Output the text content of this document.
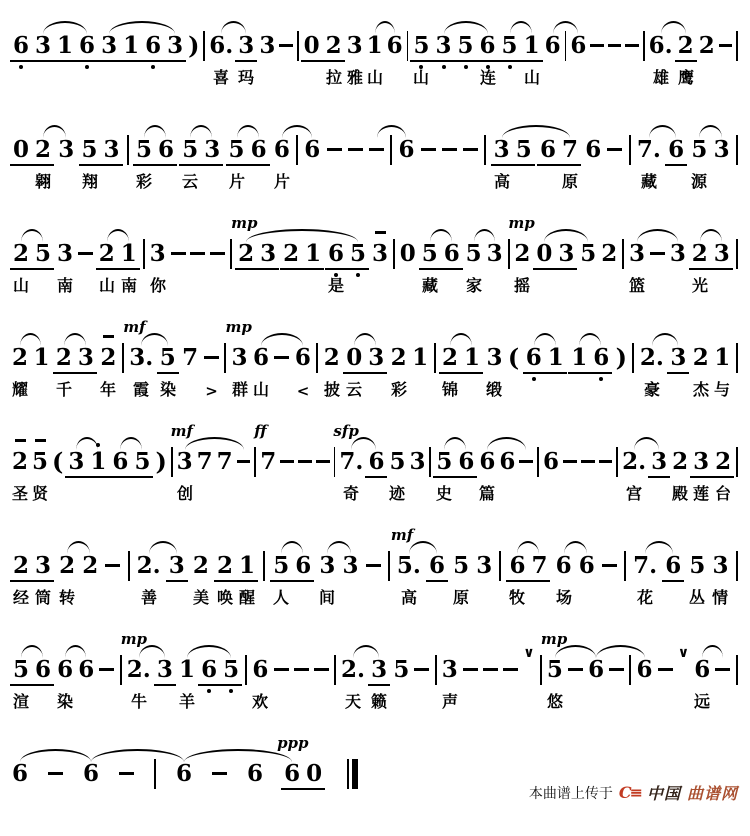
6 3 1 6 3 1 6 3 ) 6. 3 3 0 2 3 1 6 5 3 5 6 5 1 6 6	6. 2 2
喜 玛	拉 雅 山 山	连 山	雄 鹰
0 2 3 5 3 5 6 5 3 5 6 6 6	6	3 5 6 7 6 7. 6 5 3
翱 翔 彩 云 片 片	高	原	藏 源
2 5 3 2 1 3	2
mp
3 2 1 6 5 3 0 5 6 5 3 2
mp
0 3 5 2 3 3 2 3
山 南 山 南 你	是	藏 家 摇	篮	光
2 1 2 3 2 3.
mf
5 7 3
mp
6 6 2 0 3 2 1 2 1 3 ( 6 1 1 6 ) 2. 3 2 1
耀 千 年 霞 染 > 群 山 < 披 云 彩 锦 缎	豪 杰 与
2 5 ( 3 1 6 5 ) 3
mf
7 7 7
ff
7.
sfp
6 5 3 5 6 6 6 6	2. 3 2 3 2
圣 贤	创	奇 迹 史 篇	宫 殿 莲 台
2 3 2 2 2. 3 2 2 1 5 6 3 3 5.
mf
6 5 3 6 7 6 6 7. 6 5 3
经 筒 转	善 美 唤 醒 人 间	高 原 牧 场	花 丛 情
5 6 6 6 2.
mp
3 1 6 5 6	2. 3 5 3
∨
5
mp
6 6
∨
6
渲 染	牛 羊	欢	天 籁	声	悠	远
6 6	6 6 6
ppp
0
本曲谱上传于 C≡ 中国 曲谱网
